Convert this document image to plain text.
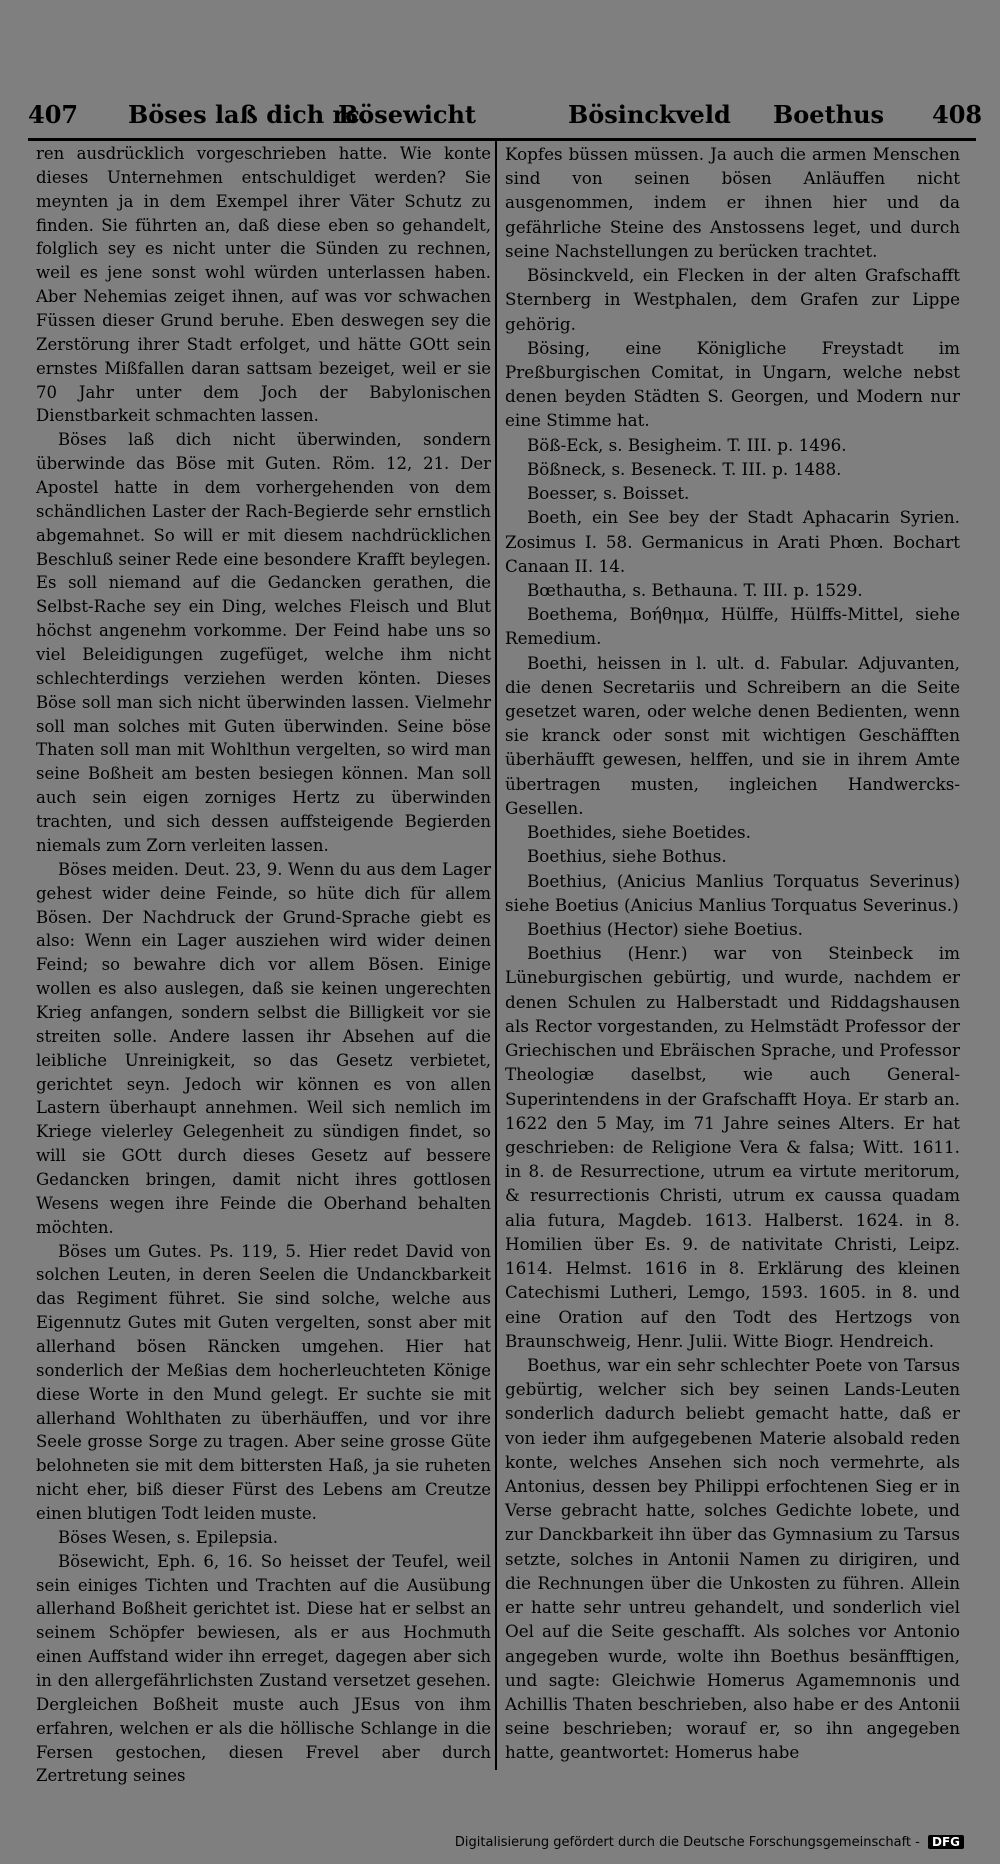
407 Böses laß dich rc.
Bösewicht	Bösinckveld Boethus 408

ren ausdrücklich vorgeschrieben hatte. Wie konte dieses Unternehmen entschuldiget werden? Sie meynten ja in dem Exempel ihrer Väter Schutz zu finden. Sie führten an, daß diese eben so gehandelt, folglich sey es nicht unter die Sünden zu rechnen, weil es jene sonst wohl würden unterlassen haben. Aber Nehemias zeiget ihnen, auf was vor schwachen Füssen dieser Grund beruhe. Eben deswegen sey die Zerstörung ihrer Stadt erfolget, und hätte GOtt sein ernstes Mißfallen daran sattsam bezeiget, weil er sie 70 Jahr unter dem Joch der Babylonischen Dienstbarkeit schmachten lassen.

Böses laß dich nicht überwinden, sondern überwinde das Böse mit Guten. Röm. 12, 21. Der Apostel hatte in dem vorhergehenden von dem schändlichen Laster der Rach-Begierde sehr ernstlich abgemahnet. So will er mit diesem nachdrücklichen Beschluß seiner Rede eine besondere Krafft beylegen. Es soll niemand auf die Gedancken gerathen, die Selbst-Rache sey ein Ding, welches Fleisch und Blut höchst angenehm vorkomme. Der Feind habe uns so viel Beleidigungen zugefüget, welche ihm nicht schlechterdings verziehen werden könten. Dieses Böse soll man sich nicht überwinden lassen. Vielmehr soll man solches mit Guten überwinden. Seine böse Thaten soll man mit Wohlthun vergelten, so wird man seine Boßheit am besten besiegen können. Man soll auch sein eigen zorniges Hertz zu überwinden trachten, und sich dessen auffsteigende Begierden niemals zum Zorn verleiten lassen.

Böses meiden. Deut. 23, 9. Wenn du aus dem Lager gehest wider deine Feinde, so hüte dich für allem Bösen. Der Nachdruck der Grund-Sprache giebt es also: Wenn ein Lager ausziehen wird wider deinen Feind; so bewahre dich vor allem Bösen. Einige wollen es also auslegen, daß sie keinen ungerechten Krieg anfangen, sondern selbst die Billigkeit vor sie streiten solle. Andere lassen ihr Absehen auf die leibliche Unreinigkeit, so das Gesetz verbietet, gerichtet seyn. Jedoch wir können es von allen Lastern überhaupt annehmen. Weil sich nemlich im Kriege vielerley Gelegenheit zu sündigen findet, so will sie GOtt durch dieses Gesetz auf bessere Gedancken bringen, damit nicht ihres gottlosen Wesens wegen ihre Feinde die Oberhand behalten möchten.

Böses um Gutes. Ps. 119, 5. Hier redet David von solchen Leuten, in deren Seelen die Undanckbarkeit das Regiment führet. Sie sind solche, welche aus Eigennutz Gutes mit Guten vergelten, sonst aber mit allerhand bösen Räncken umgehen. Hier hat sonderlich der Meßias dem hocherleuchteten Könige diese Worte in den Mund gelegt. Er suchte sie mit allerhand Wohlthaten zu überhäuffen, und vor ihre Seele grosse Sorge zu tragen. Aber seine grosse Güte belohneten sie mit dem bittersten Haß, ja sie ruheten nicht eher, biß dieser Fürst des Lebens am Creutze einen blutigen Todt leiden muste.

Böses Wesen, s. Epilepsia.

Bösewicht, Eph. 6, 16. So heisset der Teufel, weil sein einiges Tichten und Trachten auf die Ausübung allerhand Boßheit gerichtet ist. Diese hat er selbst an seinem Schöpfer bewiesen, als er aus Hochmuth einen Auffstand wider ihn erreget, dagegen aber sich in den allergefährlichsten Zustand versetzet gesehen. Dergleichen Boßheit muste auch JEsus von ihm erfahren, welchen er als die höllische Schlange in die Fersen gestochen, diesen Frevel aber durch Zertretung seines

Kopfes büssen müssen. Ja auch die armen Menschen sind von seinen bösen Anläuffen nicht ausgenommen, indem er ihnen hier und da gefährliche Steine des Anstossens leget, und durch seine Nachstellungen zu berücken trachtet.

Bösinckveld, ein Flecken in der alten Grafschafft Sternberg in Westphalen, dem Grafen zur Lippe gehörig.

Bösing, eine Königliche Freystadt im Preßburgischen Comitat, in Ungarn, welche nebst denen beyden Städten S. Georgen, und Modern nur eine Stimme hat.

Böß-Eck, s. Besigheim. T. III. p. 1496.

Bößneck, s. Beseneck. T. III. p. 1488.

Boesser, s. Boisset.

Boeth, ein See bey der Stadt Aphacarin Syrien. Zosimus I. 58. Germanicus in Arati Phœn. Bochart Canaan II. 14.

Bœthautha, s. Bethauna. T. III. p. 1529.

Boethema, Βοήθημα, Hülffe, Hülffs-Mittel, siehe Remedium.

Boethi, heissen in l. ult. d. Fabular. Adjuvanten, die denen Secretariis und Schreibern an die Seite gesetzet waren, oder welche denen Bedienten, wenn sie kranck oder sonst mit wichtigen Geschäfften überhäufft gewesen, helffen, und sie in ihrem Amte übertragen musten, ingleichen Handwercks-Gesellen.

Boethides, siehe Boetides.

Boethius, siehe Bothus.

Boethius, (Anicius Manlius Torquatus Severinus) siehe Boetius (Anicius Manlius Torquatus Severinus.)

Boethius (Hector) siehe Boetius.

Boethius (Henr.) war von Steinbeck im Lüneburgischen gebürtig, und wurde, nachdem er denen Schulen zu Halberstadt und Riddagshausen als Rector vorgestanden, zu Helmstädt Professor der Griechischen und Ebräischen Sprache, und Professor Theologiæ daselbst, wie auch General-Superintendens in der Grafschafft Hoya. Er starb an. 1622 den 5 May, im 71 Jahre seines Alters. Er hat geschrieben: de Religione Vera & falsa; Witt. 1611. in 8. de Resurrectione, utrum ea virtute meritorum, & resurrectionis Christi, utrum ex caussa quadam alia futura, Magdeb. 1613. Halberst. 1624. in 8. Homilien über Es. 9. de nativitate Christi, Leipz. 1614. Helmst. 1616 in 8. Erklärung des kleinen Catechismi Lutheri, Lemgo, 1593. 1605. in 8. und eine Oration auf den Todt des Hertzogs von Braunschweig, Henr. Julii. Witte Biogr. Hendreich.

Boethus, war ein sehr schlechter Poete von Tarsus gebürtig, welcher sich bey seinen Lands-Leuten sonderlich dadurch beliebt gemacht hatte, daß er von ieder ihm aufgegebenen Materie alsobald reden konte, welches Ansehen sich noch vermehrte, als Antonius, dessen bey Philippi erfochtenen Sieg er in Verse gebracht hatte, solches Gedichte lobete, und zur Danckbarkeit ihn über das Gymnasium zu Tarsus setzte, solches in Antonii Namen zu dirigiren, und die Rechnungen über die Unkosten zu führen. Allein er hatte sehr untreu gehandelt, und sonderlich viel Oel auf die Seite geschafft. Als solches vor Antonio angegeben wurde, wolte ihn Boethus besänfftigen, und sagte: Gleichwie Homerus Agamemnonis und Achillis Thaten beschrieben, also habe er des Antonii seine beschrieben; worauf er, so ihn angegeben hatte, geantwortet: Homerus habe

Digitalisierung gefördert durch die Deutsche Forschungsgemeinschaft - DFG
